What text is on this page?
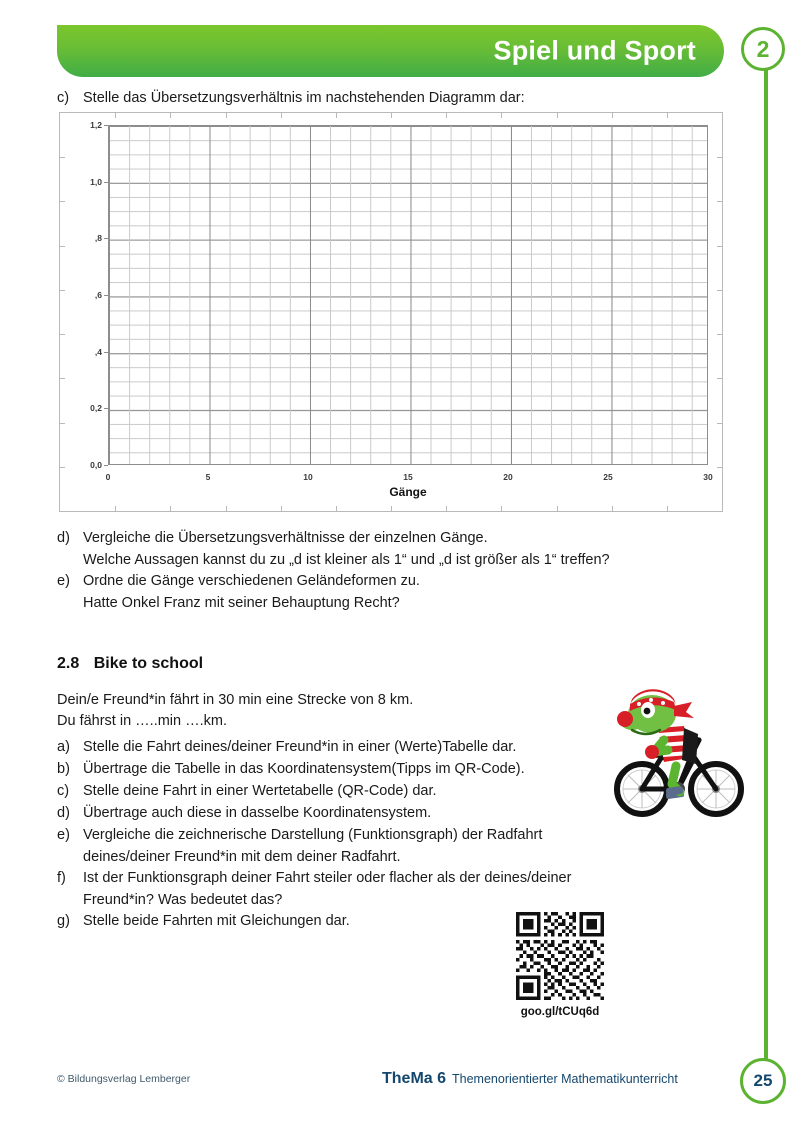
Spiel und Sport	2
c) Stelle das Übersetzungsverhältnis im nachstehenden Diagramm dar:
0,0
0,2
,4
,6
,8
1,0
1,2
0	5	10	15	20	25	30
Gänge
d) Vergleiche die Übersetzungsverhältnisse der einzelnen Gänge.
Welche Aussagen kannst du zu „d ist kleiner als 1“ und „d ist größer als 1“ treffen?
e) Ordne die Gänge verschiedenen Geländeformen zu.
Hatte Onkel Franz mit seiner Behauptung Recht?
2.8 Bike to school
Dein/e Freund*in fährt in 30 min eine Strecke von 8 km.
Du fährst in …..min ….km.
a) Stelle die Fahrt deines/deiner Freund*in in einer (Werte)Tabelle dar.
b) Übertrage die Tabelle in das Koordinatensystem(Tipps im QR-Code).
c) Stelle deine Fahrt in einer Wertetabelle (QR-Code) dar.
d) Übertrage auch diese in dasselbe Koordinatensystem.
e) Vergleiche die zeichnerische Darstellung (Funktionsgraph) der Radfahrt
deines/deiner Freund*in mit dem deiner Radfahrt.
f)	Ist der Funktionsgraph deiner Fahrt steiler oder flacher als der deines/deiner
Freund*in? Was bedeutet das?
g) Stelle beide Fahrten mit Gleichungen dar.
goo.gl/tCUq6d
© Bildungsverlag Lemberger	TheMa 6 Themenorientierter Mathematikunterricht	25
